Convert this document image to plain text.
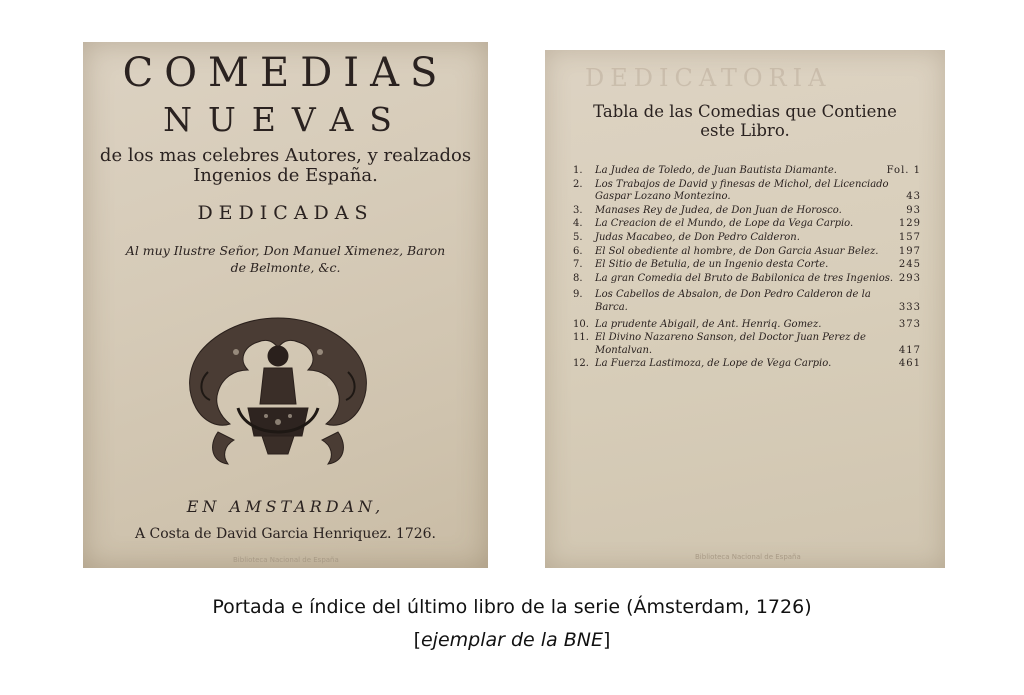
COMEDIAS
NUEVAS
de los mas celebres Autores, y realzados
Ingenios de España.
DEDICADAS
Al muy Ilustre Señor, Don Manuel Ximenez, Baron
de Belmonte, &c.
EN AMSTARDAN,
A Costa de David Garcia Henriquez. 1726.
Biblioteca Nacional de España
DEDICATORIA

Tabla de las Comedias que Contiene
este Libro.
1. La Judea de Toledo, de Juan Bautista Diamante.	Fol. 1
2. Los Trabajos de David y finesas de Michol, del Licenciado Gaspar Lozano Montezino.	43
3. Manases Rey de Judea, de Don Juan de Horosco.	93
4. La Creacion de el Mundo, de Lope da Vega Carpio.	129
5. Judas Macabeo, de Don Pedro Calderon.	157
6. El Sol obediente al hombre, de Don Garcia Asuar Belez. 197
7. El Sitio de Betulia, de un Ingenio desta Corte.	245
8. La gran Comedia del Bruto de Babilonica de tres Ingenios. 293
9. Los Cabellos de Absalon, de Don Pedro Calderon de la Barca.	333
10. La prudente Abigail, de Ant. Henriq. Gomez.	373
11. El Divino Nazareno Sanson, del Doctor Juan Perez de Montalvan.	417
12. La Fuerza Lastimoza, de Lope de Vega Carpio.	461
Biblioteca Nacional de España
Portada e índice del último libro de la serie (Ámsterdam, 1726)
[ejemplar de la BNE]
